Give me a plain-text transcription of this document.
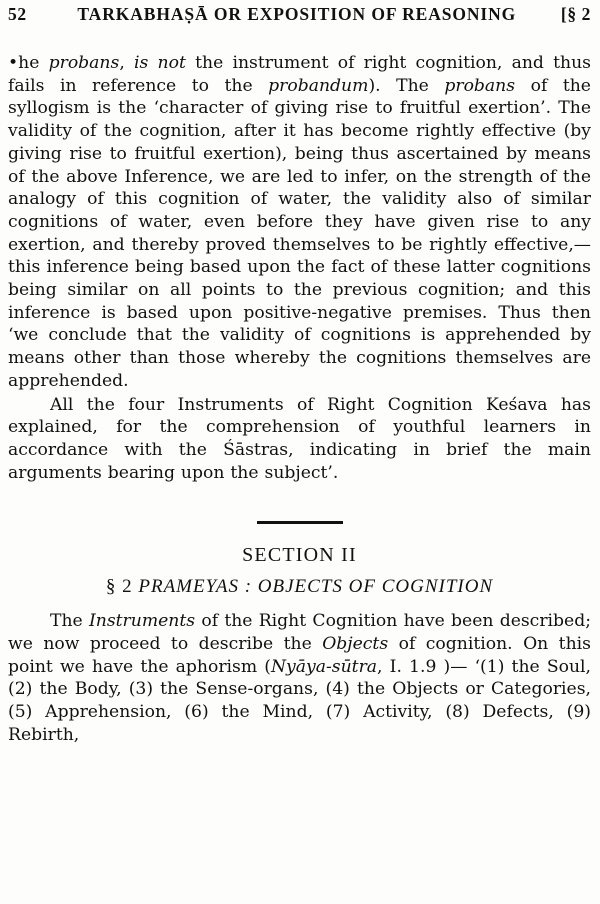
52	TARKABHAṢĀ OR EXPOSITION OF REASONING	[§ 2

•he probans, is not the instrument of right cognition, and thus fails in reference to the probandum). The probans of the syllogism is the ‘character of giving rise to fruitful exertion’. The validity of the cognition, after it has become rightly effective (by giving rise to fruitful exertion), being thus ascertained by means of the above Inference, we are led to infer, on the strength of the analogy of this cognition of water, the validity also of similar cognitions of water, even before they have given rise to any exertion, and thereby proved themselves to be rightly effective,—this inference being based upon the fact of these latter cognitions being similar on all points to the previous cognition; and this inference is based upon positive-negative premises. Thus then ‘we conclude that the validity of cognitions is apprehended by means other than those whereby the cognitions themselves are apprehended.

All the four Instruments of Right Cognition Keśava has explained, for the comprehension of youthful learners in accordance with the Śāstras, indicating in brief the main arguments bearing upon the subject’.

SECTION II
§ 2 PRAMEYAS : OBJECTS OF COGNITION

The Instruments of the Right Cognition have been described; we now proceed to describe the Objects of cognition. On this point we have the aphorism (Nyāya-sūtra, I. 1.9 )— ‘(1) the Soul, (2) the Body, (3) the Sense-organs, (4) the Objects or Categories, (5) Apprehension, (6) the Mind, (7) Activity, (8) Defects, (9) Rebirth,
